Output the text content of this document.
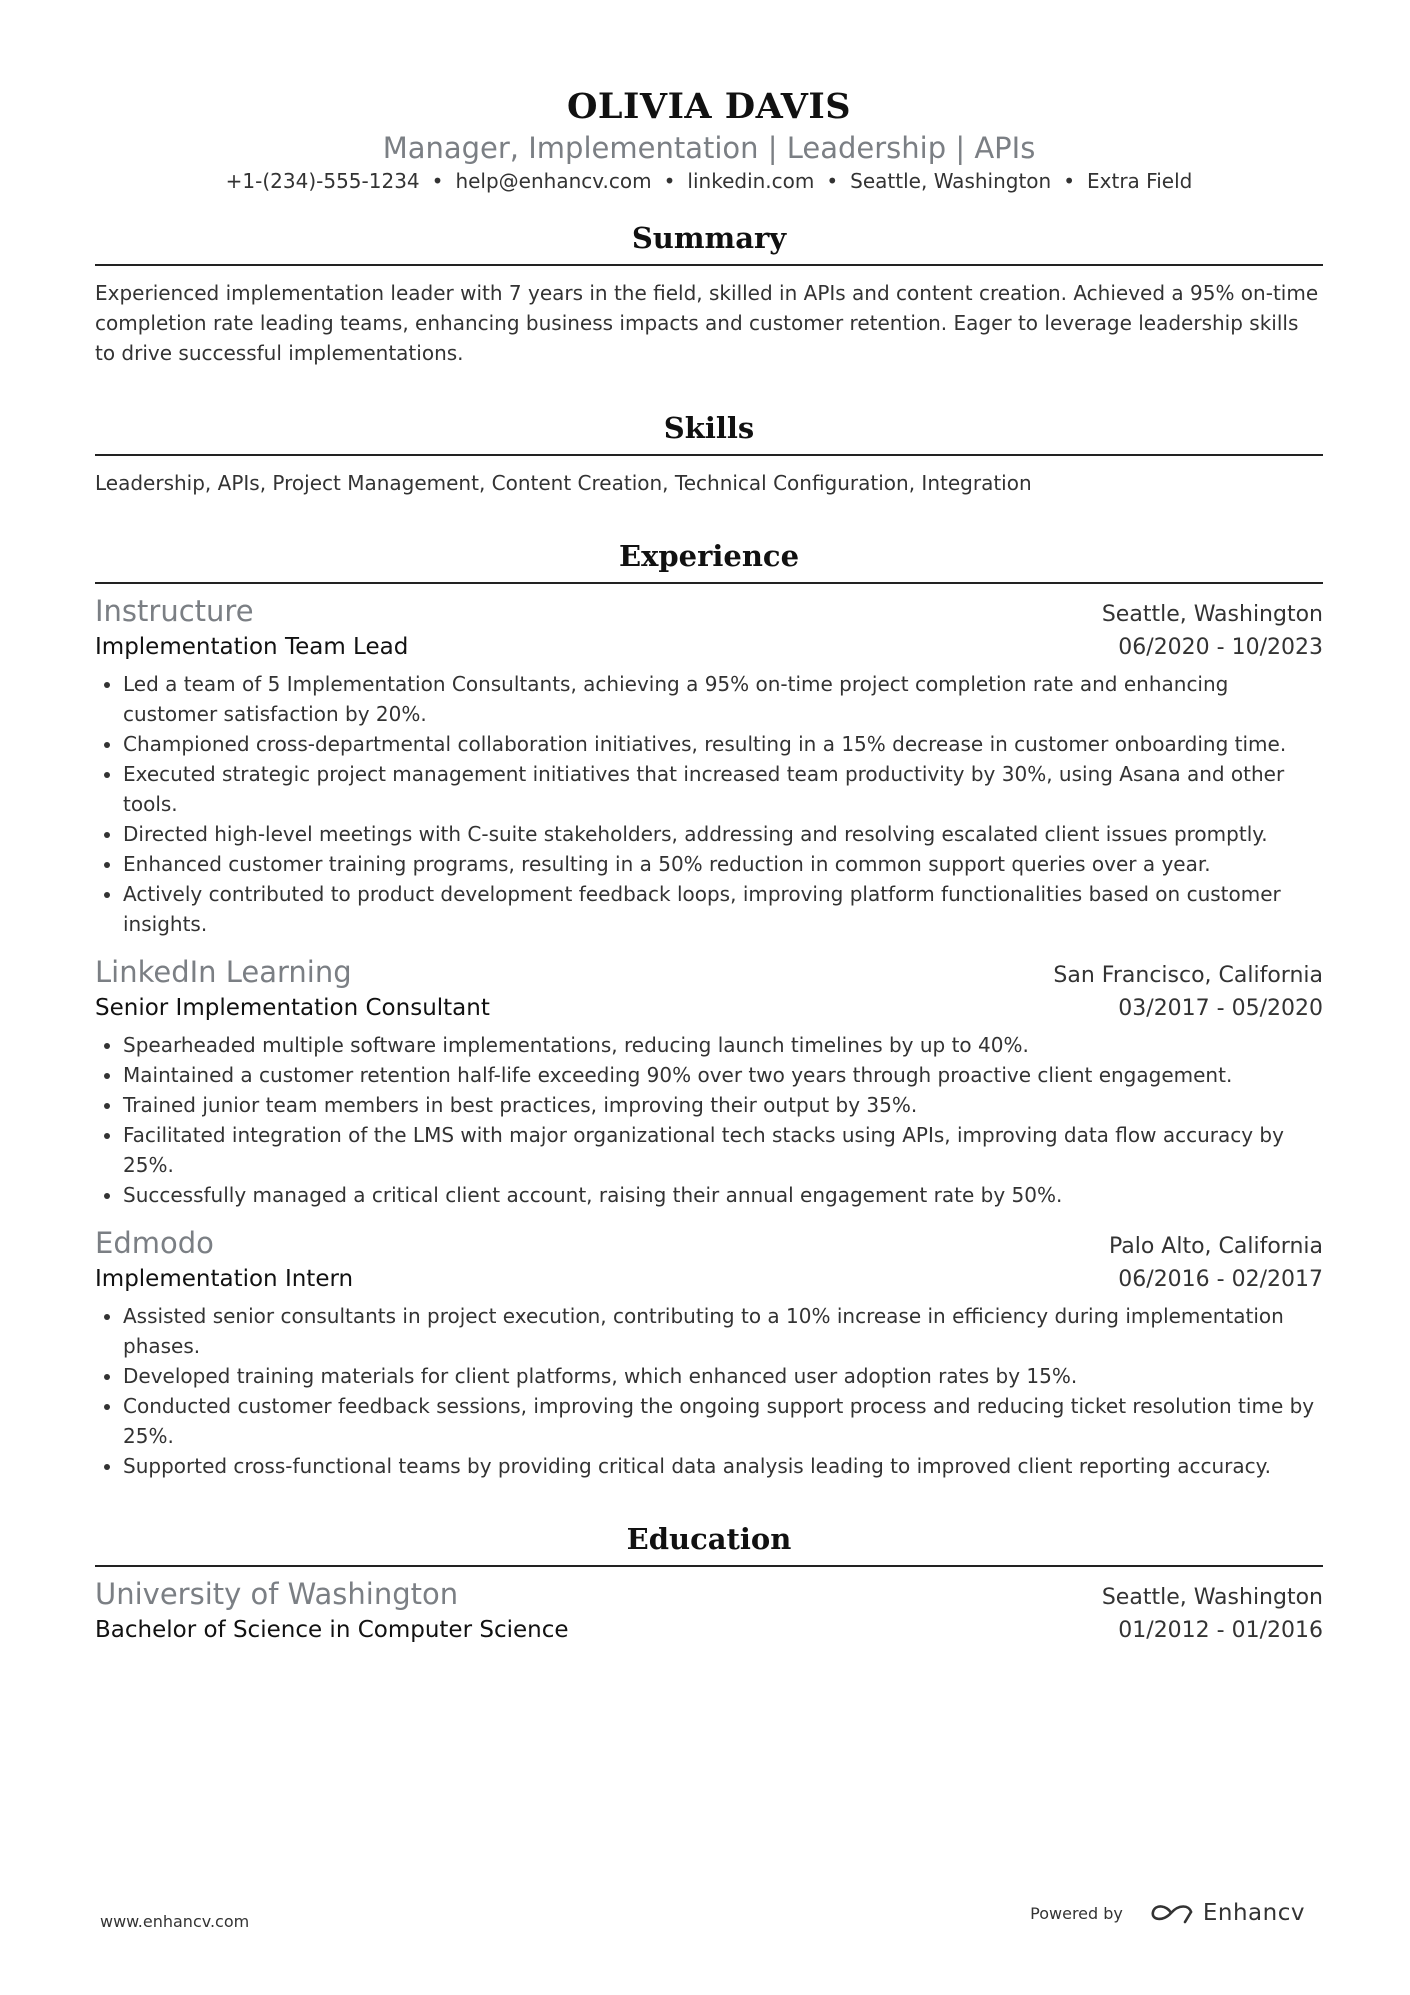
OLIVIA DAVIS
Manager, Implementation | Leadership | APIs
+1-(234)-555-1234 • help@enhancv.com • linkedin.com • Seattle, Washington • Extra Field
Summary
Experienced implementation leader with 7 years in the field, skilled in APIs and content creation. Achieved a 95% on-time completion rate leading teams, enhancing business impacts and customer retention. Eager to leverage leadership skills to drive successful implementations.
Skills
Leadership, APIs, Project Management, Content Creation, Technical Configuration, Integration
Experience
Instructure	Seattle, Washington
Implementation Team Lead	06/2020 - 10/2023
• Led a team of 5 Implementation Consultants, achieving a 95% on-time project completion rate and enhancing customer satisfaction by 20%.
• Championed cross-departmental collaboration initiatives, resulting in a 15% decrease in customer onboarding time.
• Executed strategic project management initiatives that increased team productivity by 30%, using Asana and other tools.
• Directed high-level meetings with C-suite stakeholders, addressing and resolving escalated client issues promptly.
• Enhanced customer training programs, resulting in a 50% reduction in common support queries over a year.
• Actively contributed to product development feedback loops, improving platform functionalities based on customer insights.
LinkedIn Learning	San Francisco, California
Senior Implementation Consultant	03/2017 - 05/2020
• Spearheaded multiple software implementations, reducing launch timelines by up to 40%.
• Maintained a customer retention half-life exceeding 90% over two years through proactive client engagement.
• Trained junior team members in best practices, improving their output by 35%.
• Facilitated integration of the LMS with major organizational tech stacks using APIs, improving data flow accuracy by 25%.
• Successfully managed a critical client account, raising their annual engagement rate by 50%.
Edmodo	Palo Alto, California
Implementation Intern	06/2016 - 02/2017
• Assisted senior consultants in project execution, contributing to a 10% increase in efficiency during implementation phases.
• Developed training materials for client platforms, which enhanced user adoption rates by 15%.
• Conducted customer feedback sessions, improving the ongoing support process and reducing ticket resolution time by 25%.
• Supported cross-functional teams by providing critical data analysis leading to improved client reporting accuracy.
Education
University of Washington	Seattle, Washington
Bachelor of Science in Computer Science	01/2012 - 01/2016
www.enhancv.com	Powered by	Enhancv
